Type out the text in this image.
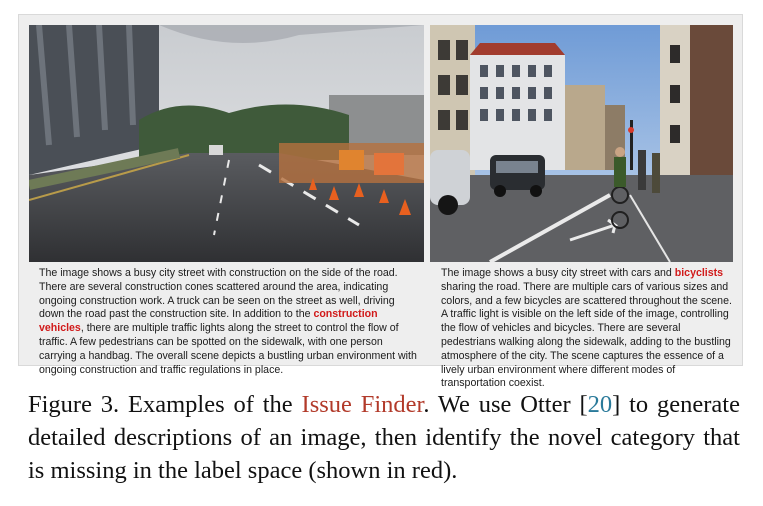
The image shows a busy city street with construction on the side of the road. There are several construction cones scattered around the area, indicating ongoing construction work. A truck can be seen on the street as well, driving down the road past the construction site. In addition to the construction vehicles, there are multiple traffic lights along the street to control the flow of traffic. A few pedestrians can be spotted on the sidewalk, with one person carrying a handbag. The overall scene depicts a bustling urban environment with ongoing construction and traffic regulations in place.

The image shows a busy city street with cars and bicyclists sharing the road. There are multiple cars of various sizes and colors, and a few bicycles are scattered throughout the scene. A traffic light is visible on the left side of the image, controlling the flow of vehicles and bicycles. There are several pedestrians walking along the sidewalk, adding to the bustling atmosphere of the city. The scene captures the essence of a lively urban environment where different modes of transportation coexist.

Figure 3. Examples of the Issue Finder. We use Otter [20] to generate detailed descriptions of an image, then identify the novel category that is missing in the label space (shown in red).
